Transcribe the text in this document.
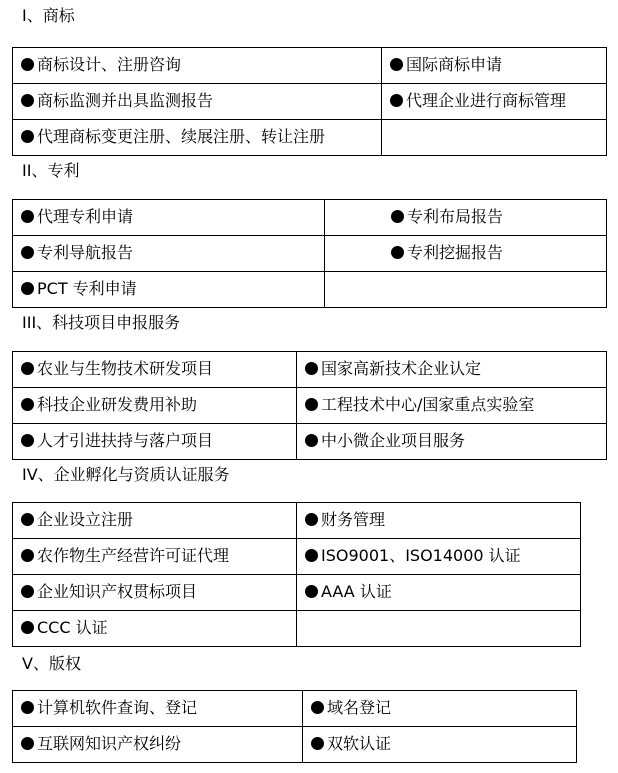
I、商标
商标设计、注册咨询	国际商标申请
商标监测并出具监测报告	代理企业进行商标管理
代理商标变更注册、续展注册、转让注册	
II、专利
代理专利申请	专利布局报告
专利导航报告	专利挖掘报告
PCT 专利申请	
III、科技项目申报服务
农业与生物技术研发项目	国家高新技术企业认定
科技企业研发费用补助	工程技术中心/国家重点实验室
人才引进扶持与落户项目	中小微企业项目服务
IV、企业孵化与资质认证服务
企业设立注册	财务管理
农作物生产经营许可证代理	ISO9001、ISO14000 认证
企业知识产权贯标项目	AAA 认证
CCC 认证	
V、版权
计算机软件查询、登记	域名登记
互联网知识产权纠纷	双软认证
